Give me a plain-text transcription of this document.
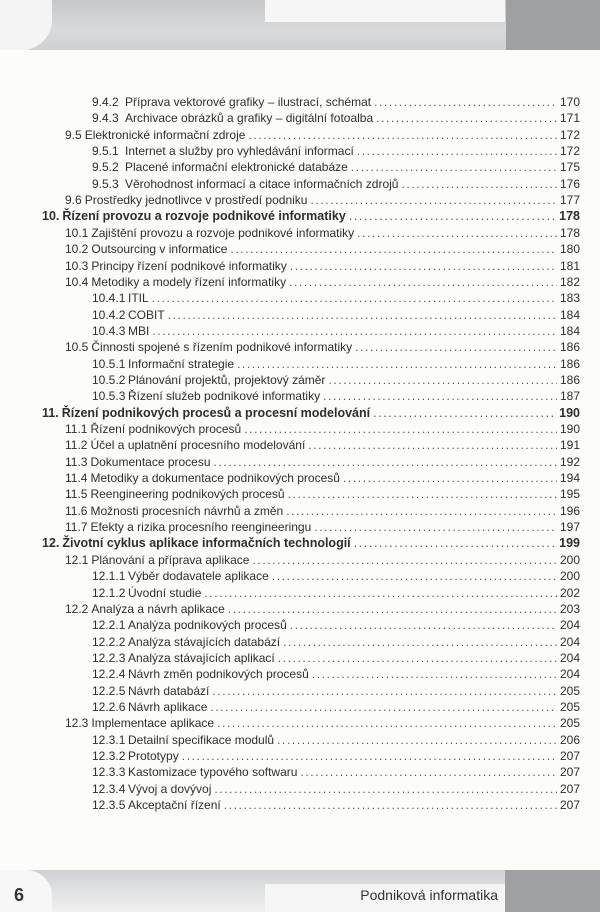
9.4.2 Příprava vektorové grafiky – ilustrací, schémat .....	170
9.4.3 Archivace obrázků a grafiky – digitální fotoalba .....	171
9.5 Elektronické informační zdroje .....	172
9.5.1 Internet a služby pro vyhledávání informací .....	172
9.5.2 Placené informační elektronické databáze .....	175
9.5.3 Věrohodnost informací a citace informačních zdrojů .....	176
9.6 Prostředky jednotlivce v prostředí podniku .....	177
10. Řízení provozu a rozvoje podnikové informatiky .....	178
10.1 Zajištění provozu a rozvoje podnikové informatiky .....	178
10.2 Outsourcing v informatice .....	180
10.3 Principy řízení podnikové informatiky .....	181
10.4 Metodiky a modely řízení informatiky .....	182
10.4.1 ITIL .....	183
10.4.2 COBIT .....	184
10.4.3 MBI .....	184
10.5 Činnosti spojené s řízením podnikové informatiky .....	186
10.5.1 Informační strategie .....	186
10.5.2 Plánování projektů, projektový záměr .....	186
10.5.3 Řízení služeb podnikové informatiky .....	187
11. Řízení podnikových procesů a procesní modelování .....	190
11.1 Řízení podnikových procesů .....	190
11.2 Účel a uplatnění procesního modelování .....	191
11.3 Dokumentace procesu .....	192
11.4 Metodiky a dokumentace podnikových procesů .....	194
11.5 Reengineering podnikových procesů .....	195
11.6 Možnosti procesních návrhů a změn .....	196
11.7 Efekty a rizika procesního reengineeringu .....	197
12. Životní cyklus aplikace informačních technologií .....	199
12.1 Plánování a příprava aplikace .....	200
12.1.1 Výběr dodavatele aplikace .....	200
12.1.2 Úvodní studie .....	202
12.2 Analýza a návrh aplikace .....	203
12.2.1 Analýza podnikových procesů .....	204
12.2.2 Analýza stávajících databází .....	204
12.2.3 Analýza stávajících aplikací .....	204
12.2.4 Návrh změn podnikových procesů .....	204
12.2.5 Návrh databází .....	205
12.2.6 Návrh aplikace .....	205
12.3 Implementace aplikace .....	205
12.3.1 Detailní specifikace modulů .....	206
12.3.2 Prototypy .....	207
12.3.3 Kastomizace typového softwaru .....	207
12.3.4 Vývoj a dovývoj .....	207
12.3.5 Akceptační řízení .....	207
6	Podniková informatika
